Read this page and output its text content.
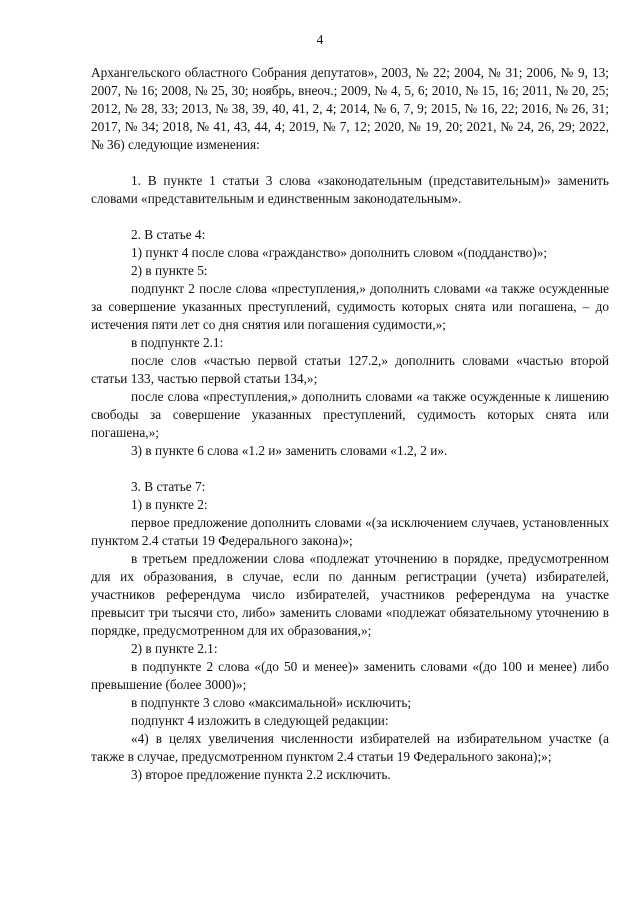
4

Архангельского областного Собрания депутатов», 2003, № 22; 2004, № 31; 2006, № 9, 13; 2007, № 16; 2008, № 25, 30; ноябрь, внеоч.; 2009, № 4, 5, 6; 2010, № 15, 16; 2011, № 20, 25; 2012, № 28, 33; 2013, № 38, 39, 40, 41, 2, 4; 2014, № 6, 7, 9; 2015, № 16, 22; 2016, № 26, 31; 2017, № 34; 2018, № 41, 43, 44, 4; 2019, № 7, 12; 2020, № 19, 20; 2021, № 24, 26, 29; 2022, № 36) следующие изменения:

1. В пункте 1 статьи 3 слова «законодательным (представительным)» заменить словами «представительным и единственным законодательным».

2. В статье 4:

1) пункт 4 после слова «гражданство» дополнить словом «(подданство)»;

2) в пункте 5:

подпункт 2 после слова «преступления,» дополнить словами «а также осужденные за совершение указанных преступлений, судимость которых снята или погашена, – до истечения пяти лет со дня снятия или погашения судимости,»;

в подпункте 2.1:

после слов «частью первой статьи 127.2,» дополнить словами «частью второй статьи 133, частью первой статьи 134,»;

после слова «преступления,» дополнить словами «а также осужденные к лишению свободы за совершение указанных преступлений, судимость которых снята или погашена,»;

3) в пункте 6 слова «1.2 и» заменить словами «1.2, 2 и».

3. В статье 7:

1) в пункте 2:

первое предложение дополнить словами «(за исключением случаев, установленных пунктом 2.4 статьи 19 Федерального закона)»;

в третьем предложении слова «подлежат уточнению в порядке, предусмотренном для их образования, в случае, если по данным регистрации (учета) избирателей, участников референдума число избирателей, участников референдума на участке превысит три тысячи сто, либо» заменить словами «подлежат обязательному уточнению в порядке, предусмотренном для их образования,»;

2) в пункте 2.1:

в подпункте 2 слова «(до 50 и менее)» заменить словами «(до 100 и менее) либо превышение (более 3000)»;

в подпункте 3 слово «максимальной» исключить;

подпункт 4 изложить в следующей редакции:

«4) в целях увеличения численности избирателей на избирательном участке (а также в случае, предусмотренном пунктом 2.4 статьи 19 Федерального закона);»;

3) второе предложение пункта 2.2 исключить.
